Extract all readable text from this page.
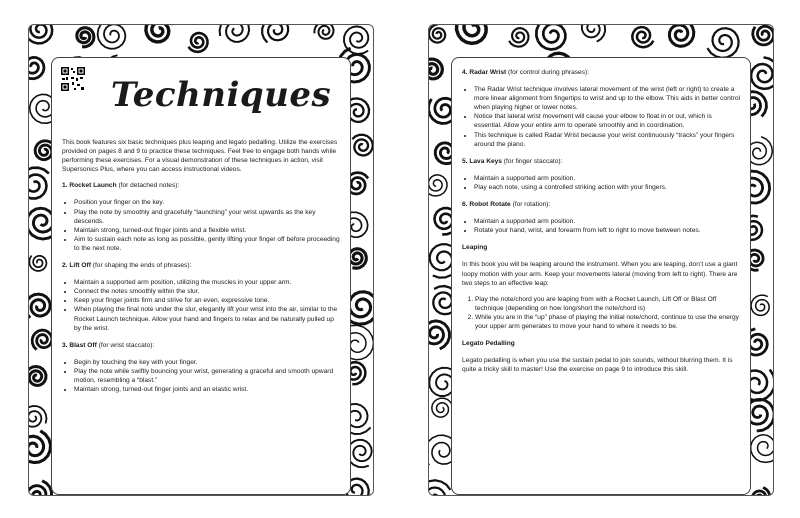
Techniques

This book features six basic techniques plus leaping and legato pedalling. Utilize the exercises provided on pages 8 and 9 to practice these techniques. Feel free to engage both hands while performing these exercises. For a visual demonstration of these techniques in action, visit Supersonics Plus, where you can access instructional videos.

1. Rocket Launch (for detached notes):

• Position your finger on the key.
• Play the note by smoothly and gracefully “launching” your wrist upwards as the key descends.
• Maintain strong, turned-out finger joints and a flexible wrist.
• Aim to sustain each note as long as possible, gently lifting your finger off before proceeding to the next note.

2. Lift Off (for shaping the ends of phrases):

• Maintain a supported arm position, utilizing the muscles in your upper arm.
• Connect the notes smoothly within the slur.
• Keep your finger joints firm and strive for an even, expressive tone.
• When playing the final note under the slur, elegantly lift your wrist into the air, similar to the Rocket Launch technique. Allow your hand and fingers to relax and be naturally pulled up by the wrist.

3. Blast Off (for wrist staccato):

• Begin by touching the key with your finger.
• Play the note while swiftly bouncing your wrist, generating a graceful and smooth upward motion, resembling a “blast.”
• Maintain strong, turned-out finger joints and an elastic wrist.

4. Radar Wrist (for control during phrases):

• The Radar Wrist technique involves lateral movement of the wrist (left or right) to create a more linear alignment from fingertips to wrist and up to the elbow. This aids in better control when playing higher or lower notes.
• Notice that lateral wrist movement will cause your elbow to float in or out, which is essential. Allow your entire arm to operate smoothly and in coordination.
• This technique is called Radar Wrist because your wrist continuously “tracks” your fingers around the piano.

5. Lava Keys (for finger staccato):

• Maintain a supported arm position.
• Play each note, using a controlled striking action with your fingers.

6. Robot Rotate (for rotation):

• Maintain a supported arm position.
• Rotate your hand, wrist, and forearm from left to right to move between notes.

Leaping

In this book you will be leaping around the instrument. When you are leaping, don’t use a giant loopy motion with your arm. Keep your movements lateral (moving from left to right). There are two steps to an effective leap:

1. Play the note/chord you are leaping from with a Rocket Launch, Lift Off or Blast Off technique (depending on how long/short the note/chord is)
2. While you are in the “up” phase of playing the initial note/chord, continue to use the energy your upper arm generates to move your hand to where it needs to be.

Legato Pedalling

Legato pedalling is when you use the sustain pedal to join sounds, without blurring them. It is quite a tricky skill to master! Use the exercise on page 9 to introduce this skill.
